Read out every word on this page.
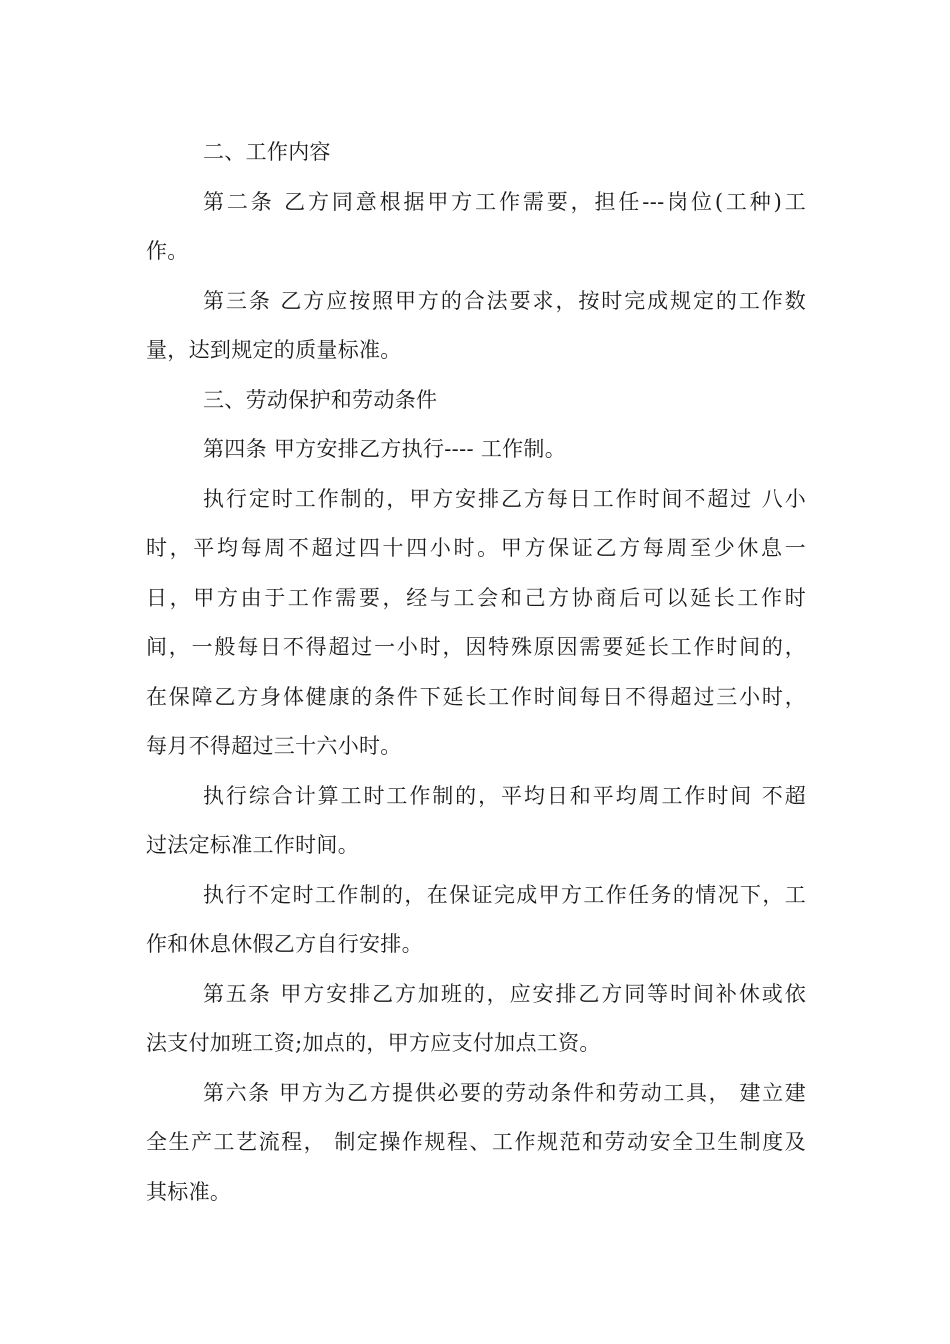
二、工作内容
第二条 乙方同意根据甲方工作需要，担任---岗位(工种)工
作。
第三条 乙方应按照甲方的合法要求，按时完成规定的工作数
量，达到规定的质量标准。
三、劳动保护和劳动条件
第四条 甲方安排乙方执行---- 工作制。
执行定时工作制的，甲方安排乙方每日工作时间不超过 八小
时，平均每周不超过四十四小时。甲方保证乙方每周至少休息一
日，甲方由于工作需要，经与工会和己方协商后可以延长工作时
间，一般每日不得超过一小时，因特殊原因需要延长工作时间的，
在保障乙方身体健康的条件下延长工作时间每日不得超过三小时，
每月不得超过三十六小时。
执行综合计算工时工作制的，平均日和平均周工作时间 不超
过法定标准工作时间。
执行不定时工作制的，在保证完成甲方工作任务的情况下，工
作和休息休假乙方自行安排。
第五条 甲方安排乙方加班的，应安排乙方同等时间补休或依
法支付加班工资;加点的，甲方应支付加点工资。
第六条 甲方为乙方提供必要的劳动条件和劳动工具， 建立建
全生产工艺流程， 制定操作规程、工作规范和劳动安全卫生制度及
其标准。
